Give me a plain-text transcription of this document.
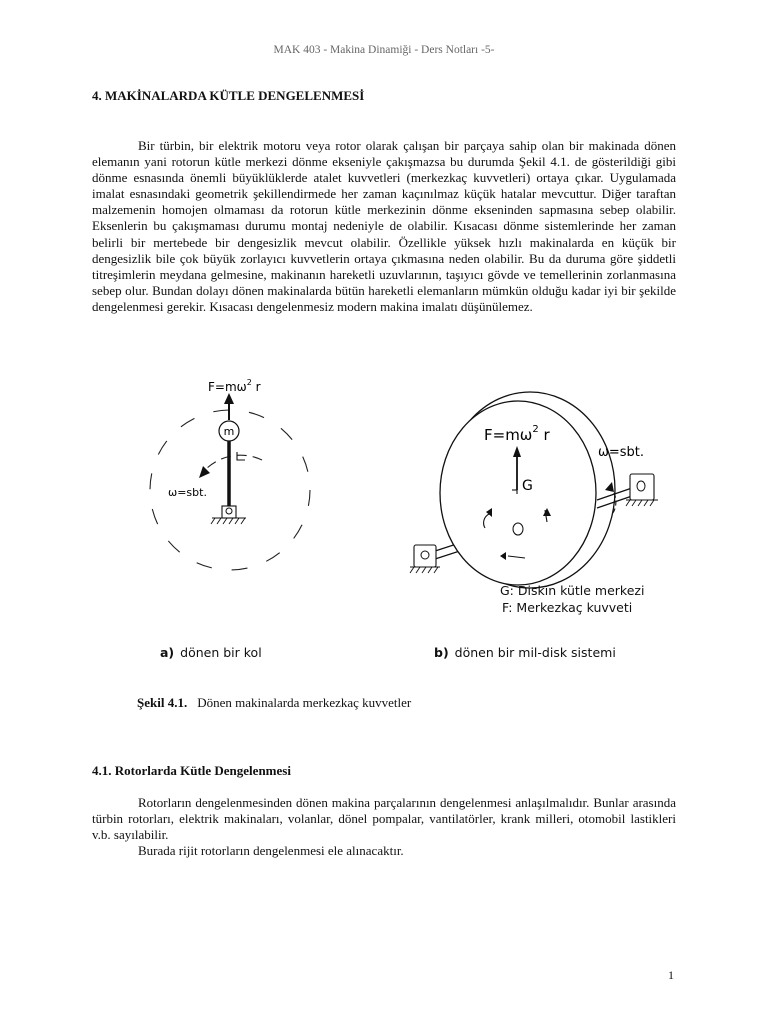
MAK 403 - Makina Dinamiği - Ders Notları -5-
4. MAKİNALARDA KÜTLE DENGELENMESİ

Bir türbin, bir elektrik motoru veya rotor olarak çalışan bir parçaya sahip olan bir makinada dönen elemanın yani rotorun kütle merkezi dönme ekseniyle çakışmazsa bu durumda Şekil 4.1. de gösterildiği gibi dönme esnasında önemli büyüklüklerde atalet kuvvetleri (merkezkaç kuvvetleri) ortaya çıkar. Uygulamada imalat esnasındaki geometrik şekillendirmede her zaman kaçınılmaz küçük hatalar mevcuttur. Diğer taraftan malzemenin homojen olmaması da rotorun kütle merkezinin dönme ekseninden sapmasına sebep olabilir. Eksenlerin bu çakışmaması durumu montaj nedeniyle de olabilir. Kısacası dönme sistemlerinde her zaman belirli bir mertebede bir dengesizlik mevcut olabilir. Özellikle yüksek hızlı makinalarda en küçük bir dengesizlik bile çok büyük zorlayıcı kuvvetlerin ortaya çıkmasına neden olabilir. Bu da duruma göre şiddetli titreşimlerin meydana gelmesine, makinanın hareketli uzuvlarının, taşıyıcı gövde ve temellerinin zorlanmasına sebep olur. Bundan dolayı dönen makinalarda bütün hareketli elemanların mümkün olduğu kadar iyi bir şekilde dengelenmesi gerekir. Kısacası dengelenmesiz modern makina imalatı düşünülemez.

$F=m\omega^2$ r
m
ω=sbt.
$F=m\omega^2$ r
G
ω=sbt.
G: Diskin kütle merkezi
F: Merkezkaç kuvveti
a) dönen bir kol	b) dönen bir mil-disk sistemi
Şekil 4.1. Dönen makinalarda merkezkaç kuvvetler
4.1. Rotorlarda Kütle Dengelenmesi

Rotorların dengelenmesinden dönen makina parçalarının dengelenmesi anlaşılmalıdır. Bunlar arasında türbin rotorları, elektrik makinaları, volanlar, dönel pompalar, vantilatörler, krank milleri, otomobil lastikleri v.b. sayılabilir.

Burada rijit rotorların dengelenmesi ele alınacaktır.

1
